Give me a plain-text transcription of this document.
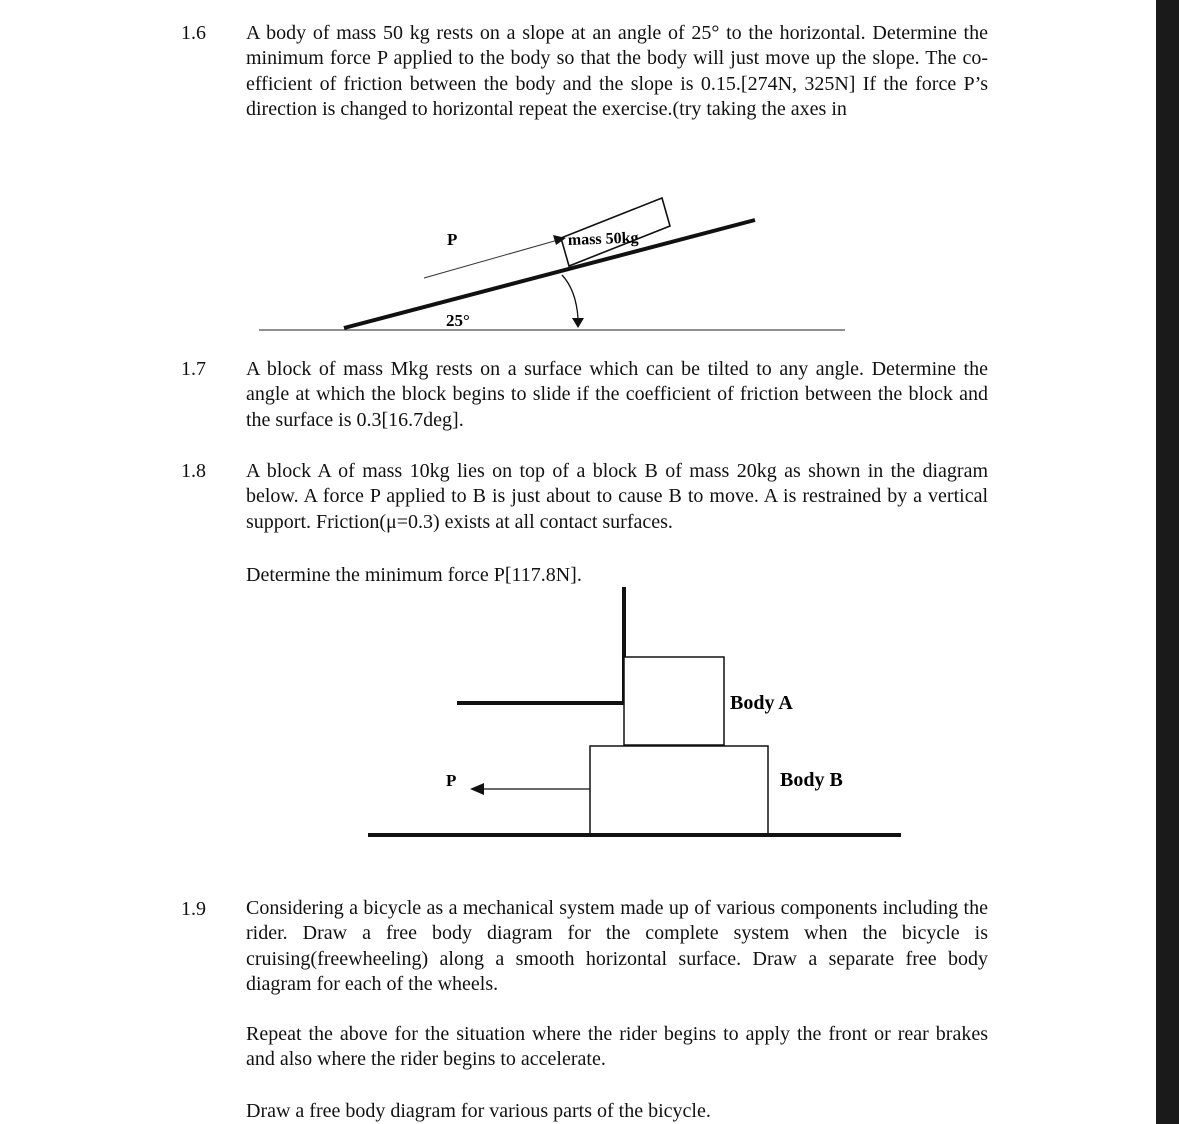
1.6 A body of mass 50 kg rests on a slope at an angle of 25° to the horizontal. Determine the minimum force P applied to the body so that the body will just move up the slope. The co-efficient of friction between the body and the slope is 0.15.[274N, 325N] If the force P’s direction is changed to horizontal repeat the exercise.(try taking the axes in
P	mass 50kg
25°
1.7 A block of mass Mkg rests on a surface which can be tilted to any angle. Determine the angle at which the block begins to slide if the coefficient of friction between the block and the surface is 0.3[16.7deg].
1.8 A block A of mass 10kg lies on top of a block B of mass 20kg as shown in the diagram below. A force P applied to B is just about to cause B to move. A is restrained by a vertical support. Friction(μ=0.3) exists at all contact surfaces.
Determine the minimum force P[117.8N].
P
Body A
Body B
1.9 Considering a bicycle as a mechanical system made up of various components including the rider. Draw a free body diagram for the complete system when the bicycle is cruising(freewheeling) along a smooth horizontal surface. Draw a separate free body diagram for each of the wheels.
Repeat the above for the situation where the rider begins to apply the front or rear brakes and also where the rider begins to accelerate.
Draw a free body diagram for various parts of the bicycle.
